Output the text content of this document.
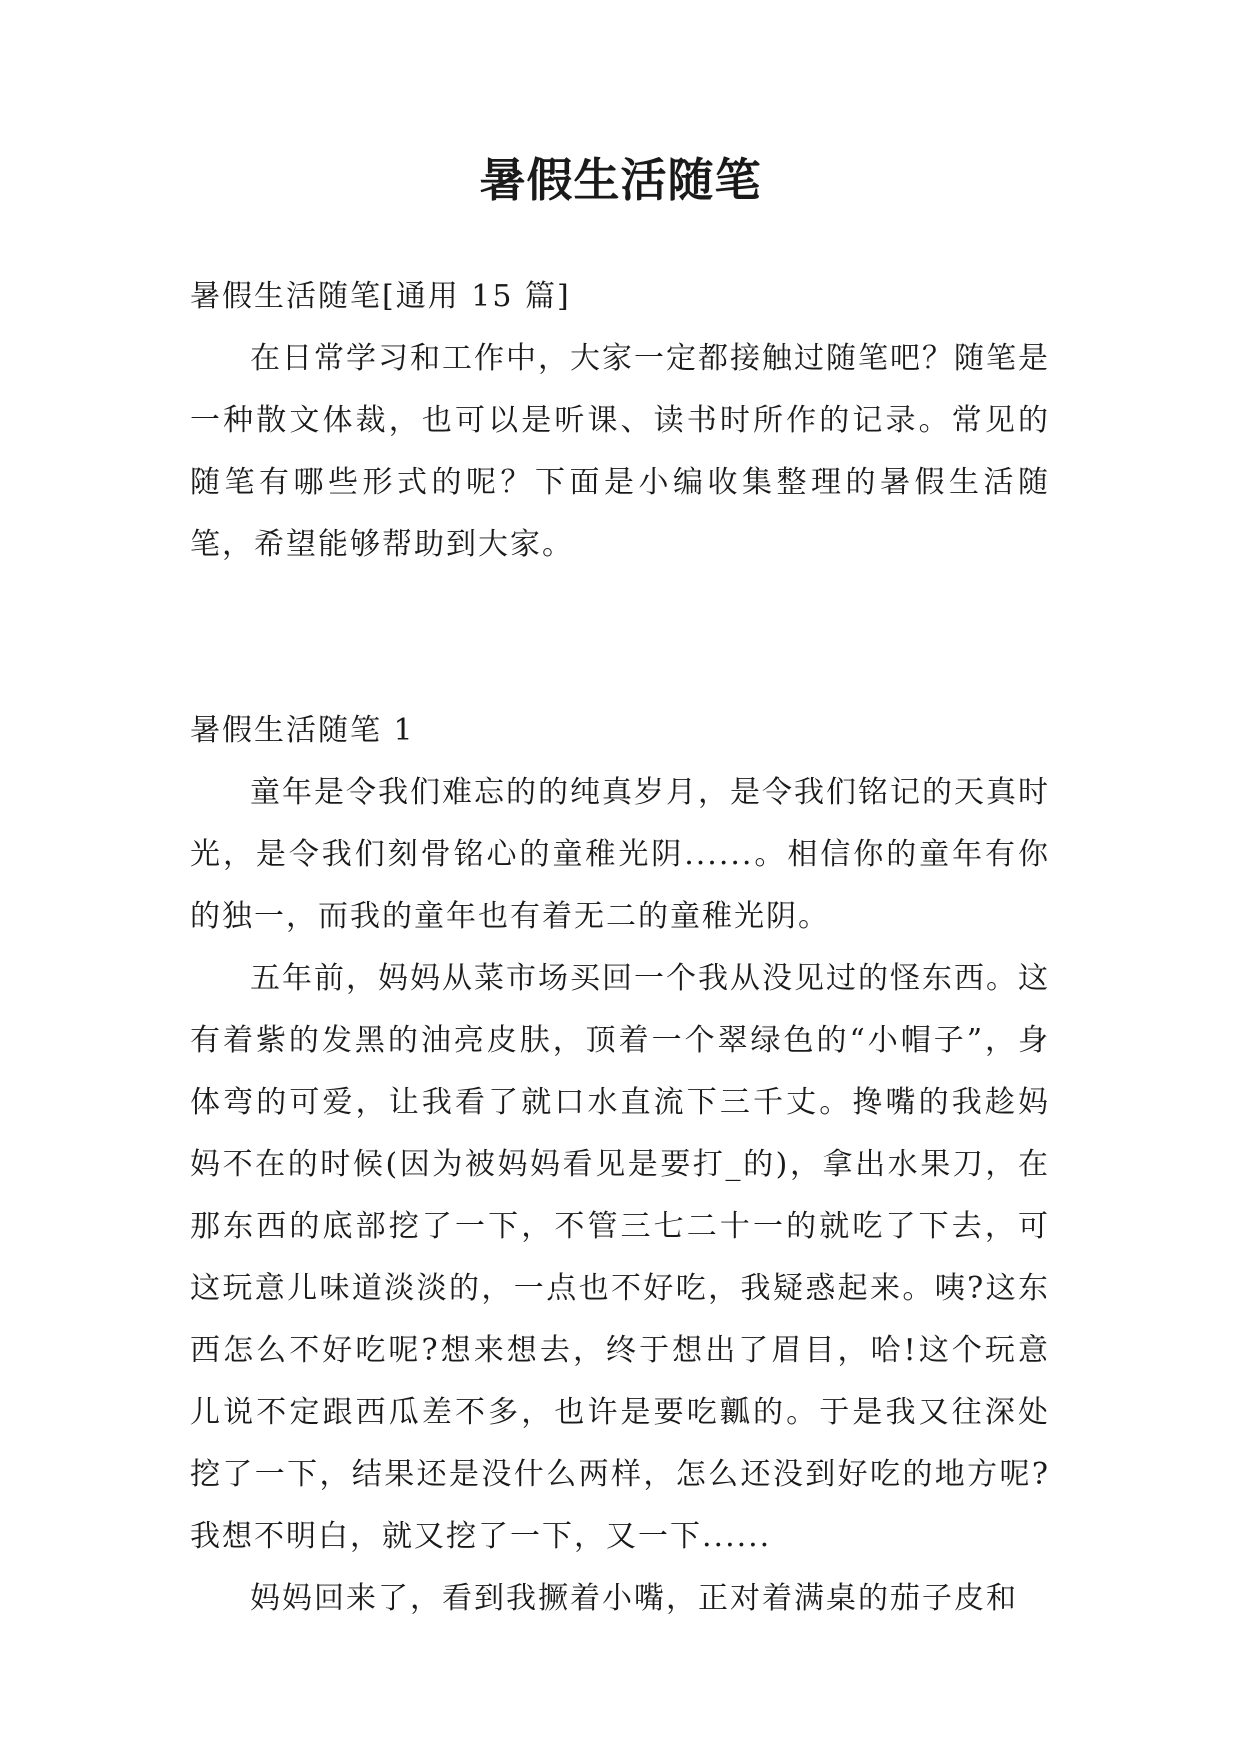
暑假生活随笔

暑假生活随笔[通用 15 篇]

在日常学习和工作中，大家一定都接触过随笔吧？随笔是一种散文体裁，也可以是听课、读书时所作的记录。常见的随笔有哪些形式的呢？下面是小编收集整理的暑假生活随笔，希望能够帮助到大家。

暑假生活随笔 1

童年是令我们难忘的的纯真岁月，是令我们铭记的天真时光，是令我们刻骨铭心的童稚光阴......。相信你的童年有你的独一，而我的童年也有着无二的童稚光阴。

五年前，妈妈从菜市场买回一个我从没见过的怪东西。这有着紫的发黑的油亮皮肤，顶着一个翠绿色的“小帽子”，身体弯的可爱，让我看了就口水直流下三千丈。搀嘴的我趁妈妈不在的时候(因为被妈妈看见是要打_的)，拿出水果刀，在那东西的底部挖了一下，不管三七二十一的就吃了下去，可这玩意儿味道淡淡的，一点也不好吃，我疑惑起来。咦?这东西怎么不好吃呢?想来想去，终于想出了眉目，哈!这个玩意儿说不定跟西瓜差不多，也许是要吃瓤的。于是我又往深处挖了一下，结果还是没什么两样，怎么还没到好吃的地方呢?我想不明白，就又挖了一下，又一下......

妈妈回来了，看到我撅着小嘴，正对着满桌的茄子皮和
